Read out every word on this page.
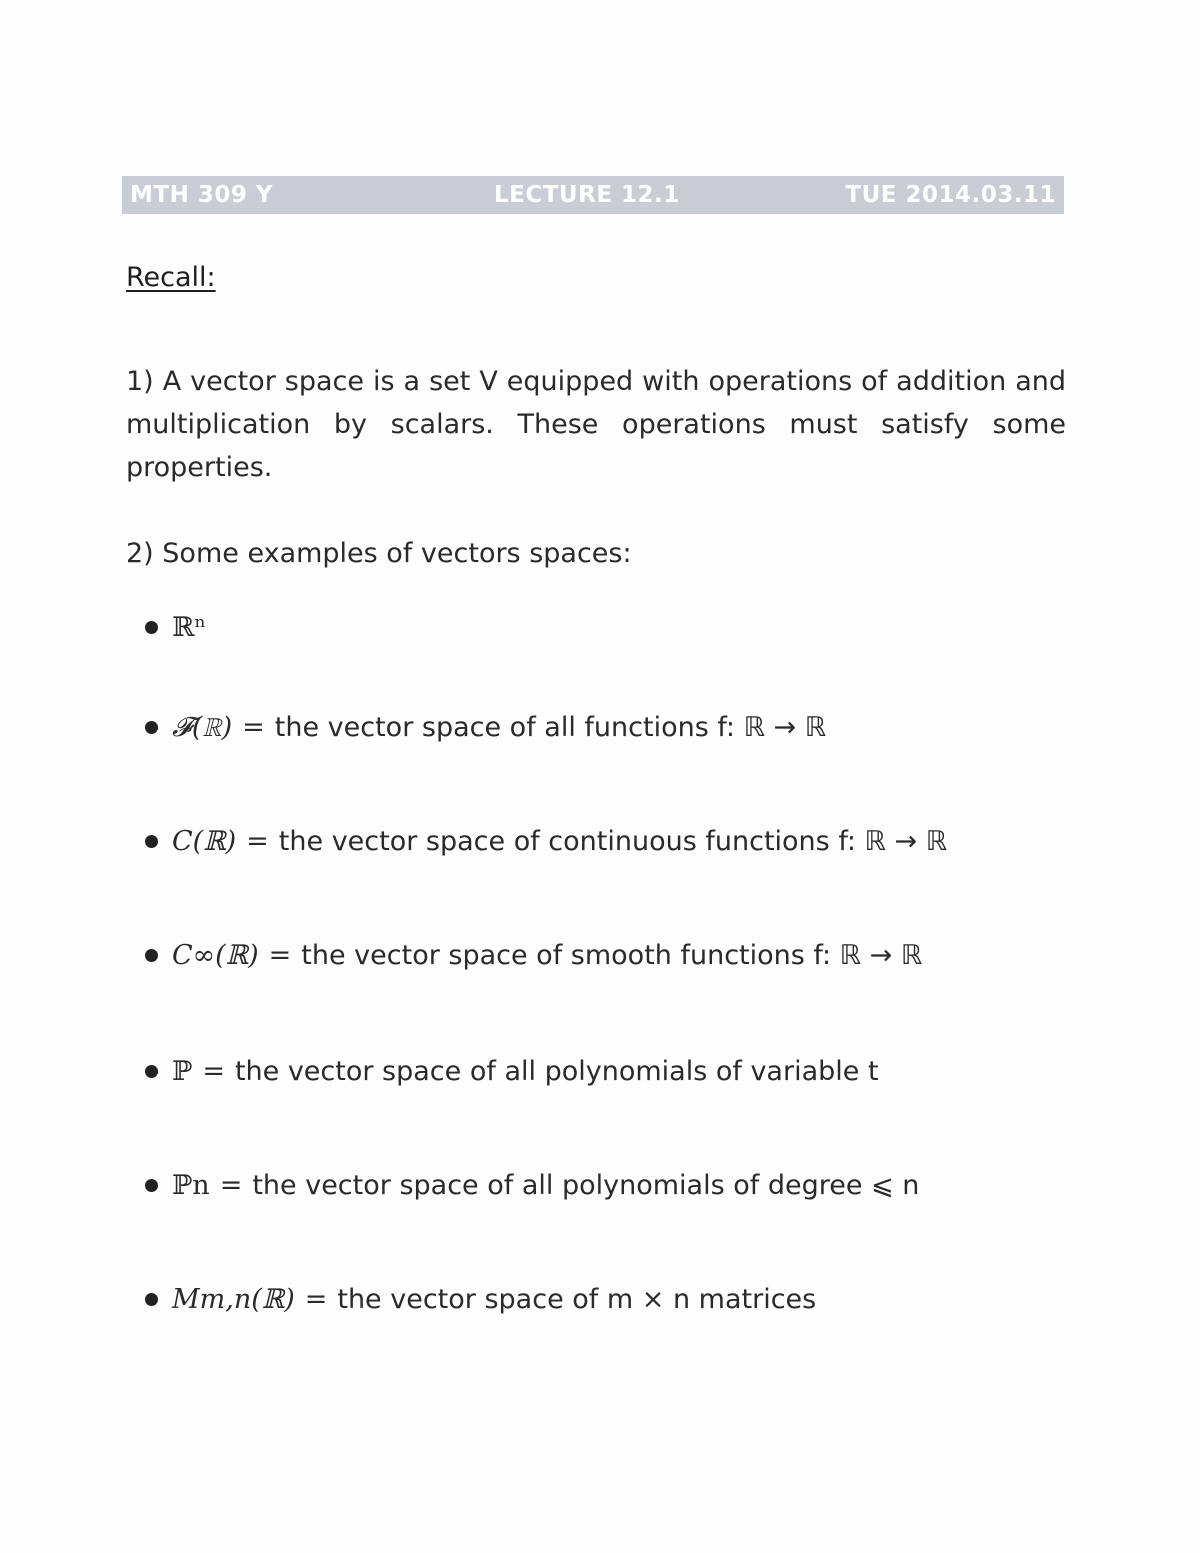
MTH 309 Y	LECTURE 12.1	TUE 2014.03.11
Recall:
1) A vector space is a set V equipped with operations of addition and multiplication by scalars. These operations must satisfy some properties.
2) Some examples of vectors spaces:
ℝⁿ
𝓕(ℝ) = the vector space of all functions f: ℝ → ℝ
C(ℝ) = the vector space of continuous functions f: ℝ → ℝ
C∞(ℝ) = the vector space of smooth functions f: ℝ → ℝ
ℙ = the vector space of all polynomials of variable t
ℙn = the vector space of all polynomials of degree ⩽ n
Mm,n(ℝ) = the vector space of m × n matrices
